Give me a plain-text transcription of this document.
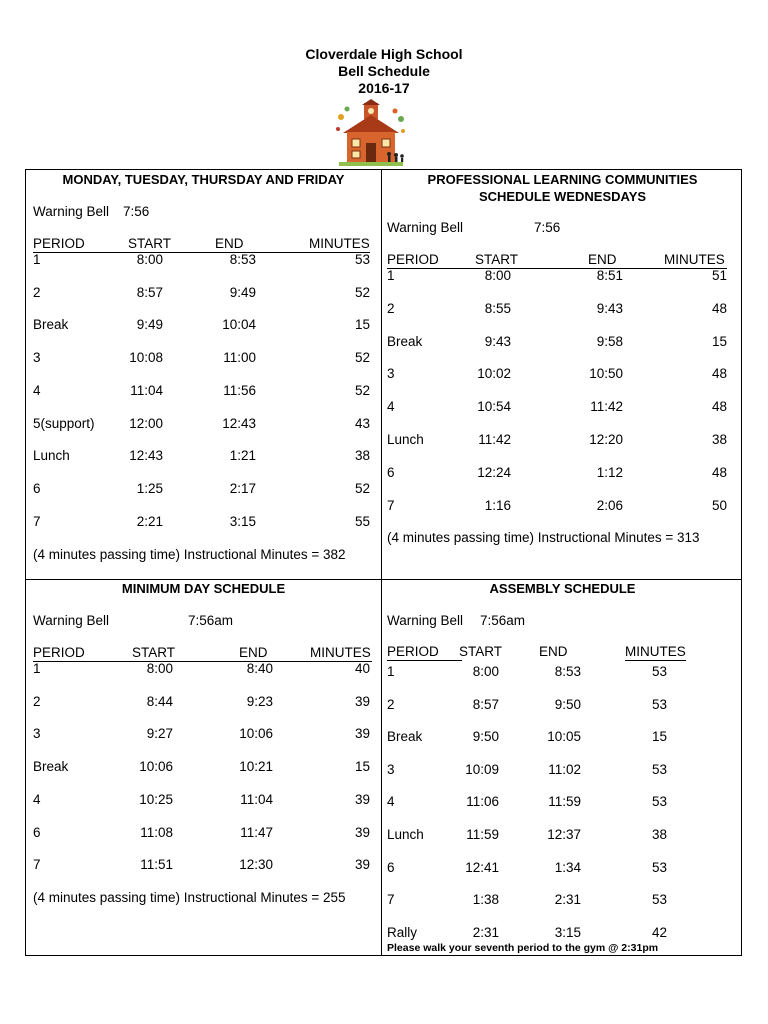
Cloverdale High School
Bell Schedule
2016-17
MONDAY, TUESDAY, THURSDAY AND FRIDAY
Warning Bell 7:56
PERIOD	START	END	MINUTES
1	8:00	8:53	53
2	8:57	9:49	52
Break	9:49	10:04	15
3	10:08	11:00	52
4	11:04	11:56	52
5(support)	12:00	12:43	43
Lunch	12:43	1:21	38
6	1:25	2:17	52
7	2:21	3:15	55
(4 minutes passing time) Instructional Minutes = 382
PROFESSIONAL LEARNING COMMUNITIES
SCHEDULE WEDNESDAYS
Warning Bell	7:56
PERIOD	START	END	MINUTES
1	8:00	8:51	51
2	8:55	9:43	48
Break	9:43	9:58	15
3	10:02	10:50	48
4	10:54	11:42	48
Lunch	11:42	12:20	38
6	12:24	1:12	48
7	1:16	2:06	50
(4 minutes passing time) Instructional Minutes = 313
MINIMUM DAY SCHEDULE
Warning Bell	7:56am
PERIOD	START	END	MINUTES
1	8:00	8:40	40
2	8:44	9:23	39
3	9:27	10:06	39
Break	10:06	10:21	15
4	10:25	11:04	39
6	11:08	11:47	39
7	11:51	12:30	39
(4 minutes passing time) Instructional Minutes = 255
ASSEMBLY SCHEDULE
Warning Bell 7:56am
PERIOD START	END	MINUTES
1	8:00	8:53	53
2	8:57	9:50	53
Break	9:50	10:05	15
3	10:09	11:02	53
4	11:06	11:59	53
Lunch	11:59	12:37	38
6	12:41	1:34	53
7	1:38	2:31	53
Rally	2:31	3:15	42
Please walk your seventh period to the gym @ 2:31pm
